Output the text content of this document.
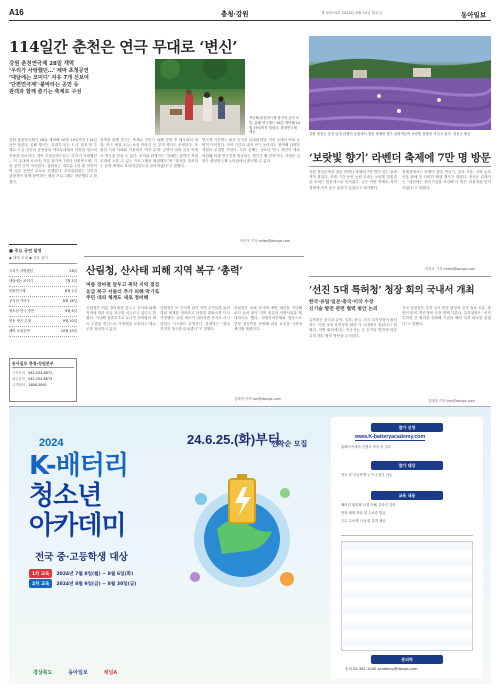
A16	충청·강원	제 31074호 2024년 6월 24일 월요일	동아일보
114일간 춘천은 연극 무대로 ‘변신’
강원 춘천연극제 28일 개막
‘우리가 사랑했던…’ 제막 초청공연
‘대담에는 코미디’ 자유 7개 선보여
‘단편연극제’·불바라는 공연 등
관객과 함께 즐기는 축제로 구성
지난해 춘천연극제 참가작 공연 모습. 올해 연극제는 28일 개막해 10월 19일까지 열린다. 춘천연극제 제공
강원 춘천연극제가 28일 개막해 10월 19일까지 114일 동안 열린다. 올해 행사는 ‘무대가 되는 도시, 춘천’을 주제로 도심 곳곳의 공연장과 야외무대에서 다양한 장르의 작품을 선보인다. 개막 초청공연으로는 ‘우리가 사랑했던 …’이 무대에 오르며, 자유 참가작 7편과 단편연극제, 거리 공연 등이 이어진다. 관람료는 대부분 1만 원 이하이며 일부 공연은 무료로 진행된다. 조직위원회는 시민과 관광객이 함께 참여하는 체험 프로그램도 마련했다고 밝혔다.
관객과 함께 즐기는 축제로 꾸미기 위해 공연 후 배우와의 대화, 연극 체험 교실, 소품 만들기 등 부대 행사도 운영한다. 또 춘천 시내 카페와 서점에서 ‘작은 무대’ 공연이 열려 일상 속에서 연극을 만날 수 있다. 조직위 관계자는 “올해는 관객이 직접 무대에 오를 수 있는 프로그램을 확대했다”며 “춘천을 대표하는 문화 축제로 자리매김하도록 준비하겠다”고 말했다.
연극제 기간에는 춘천 공지천 일대와 명동 거리 등에서 야외 공연이 이어진다. 지역 극단과 대학 연극 동아리도 참여해 다양한 색깔의 무대를 꾸민다. 특히 올해는 청소년 연극 경연이 새로 마련돼 미래 연극인을 발굴하는 계기가 될 전망이다. 자세한 일정은 춘천연극제 누리집에서 확인할 수 있다.
이인모 기자 imlee@donga.com
■ 주요 공연 일정
◆ 개막 초청 ◆ 자유 참가
우리가 사랑했던	28일
대담에는 코미디	7월 5일
단편연극제	8월 2일
공지천 거리극	8월 16일
청소년 연극 경연	9월 6일
명동 작은 무대	9월 20일
폐막 초청공연	10월 19일
동아일보 충청·강원본부
구독문의 042-253-8871
광고문의 042-253-8873
고객센터 1588-3000
산림청, 산사태 피해 지역 복구 ‘총력’
여름 장마철 앞두고 취약 지역 점검
응급 복구 서둘러 추가 피해 막기로
주민 대피 체계도 새로 정비해
산림청은 여름 장마철을 앞두고 산사태 피해 지역에 대한 응급 복구를 서두르고 있다고 밝혔다. 지난해 집중호우로 무너진 산비탈과 계곡 주변을 중심으로 사방댐을 보강하고 배수로를 정비하고 있다.
산림청은 또 산사태 취약 지역 주민들을 위한 대피 체계를 정비하고 마을별 대피소를 다시 지정했다. 위험 예보가 내려지면 문자로 즉시 알리는 시스템도 운영한다. 관계자는 “장마 전까지 복구를 마치겠다”고 말했다.
산림청은 올해 산사태 예방 예산을 지난해보다 늘려 취약 지역 점검과 사방사업을 확대하기로 했다. 지방자치단체와 합동으로 현장 점검반을 운영해 위험 요인을 사전에 제거할 계획이다.
김태영 기자 live@donga.com
강원 정선군 동강 일대 라벤더 농원에서 열린 축제를 찾은 관광객들이 보랏빛 꽃밭을 거닐고 있다. 정선군 제공
‘보랏빛 향기’ 라벤더 축제에 7만 명 방문
강원 정선군에서 열린 라벤더 축제에 7만 명이 넘는 관광객이 찾았다. 축제 기간 동안 농원 일대는 보랏빛 꽃물결을 보려는 방문객으로 북적였다. 군은 이번 축제로 지역 경제에 적지 않은 효과가 있었다고 평가했다.
축제장에서는 라벤더 향초 만들기, 꽃차 시음, 지역 농특산물 판매 등 다양한 체험 행사가 열렸다. 정선군 관계자는 “내년에는 편의시설을 보강해 더 많은 관광객을 맞이하겠다”고 말했다.
이인모 기자 imlee@donga.com
‘선진 5대 특허청’ 청장 회의 국내서 개최
한국·유럽·일본·중국·미국 수장
신기술 발전 관련 협력 방안 논의
특허청은 한국과 유럽, 일본, 중국, 미국 특허청장이 참석하는 ‘선진 5대 특허청장 회의’가 국내에서 열린다고 밝혔다. 이번 회의에서는 인공지능 등 신기술 발전에 따른 특허 제도 협력 방안을 논의한다.
각국 청장들은 특허 심사 품질 향상과 심사 정보 공유, 출원인 편의 개선 방안 등을 함께 다룬다. 특허청장은 “선진 특허청 간 협력을 강화해 기업의 해외 특허 확보를 돕겠다”고 말했다.
김태영 기자 live@donga.com
24.6.25.(화)부터
선착순 모집
2024
K-배터리
청소년
아카데미
전국 중·고등학생 대상
1차 교육	2024년 7월 8일(월) ~ 8월 6일(화)
2차 교육	2024년 8월 9일(금) ~ 8월 30일(금)
경상북도	동아일보	채널A
참가 신청
www.K-batteryacademy.com
홈페이지에서 신청서 작성 후 접수
참가 대상
전국 중·고등학생 누구나 참가 가능
교육 내용
배터리 원리와 산업 이해 온라인 강의
현장 체험 학습 및 수료증 발급
우수 수료생 시상 및 특전 제공
문의처
문의 02-361-1040 academy@donga.com
